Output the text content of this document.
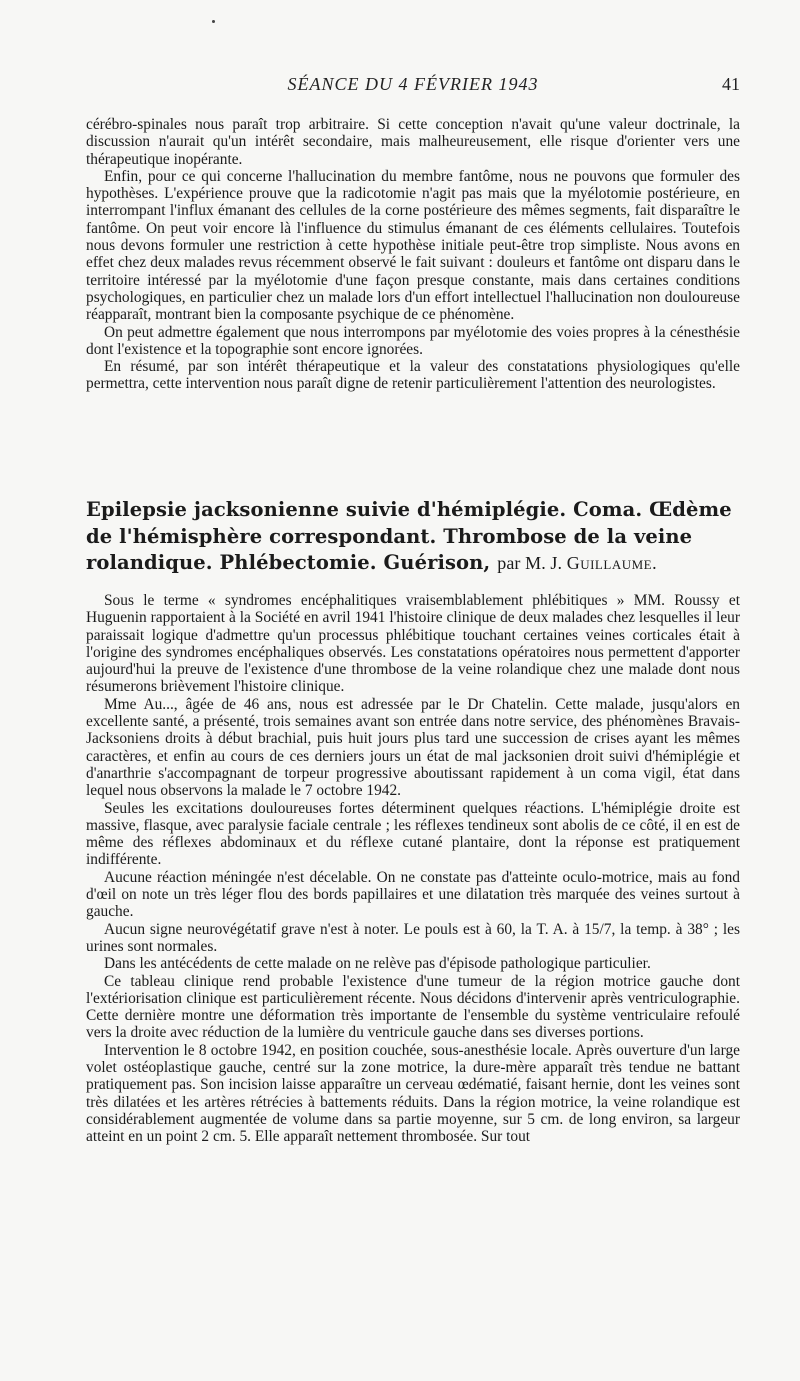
SÉANCE DU 4 FÉVRIER 1943	41

cérébro-spinales nous paraît trop arbitraire. Si cette conception n'avait qu'une valeur doctrinale, la discussion n'aurait qu'un intérêt secondaire, mais malheureusement, elle risque d'orienter vers une thérapeutique inopérante.

Enfin, pour ce qui concerne l'hallucination du membre fantôme, nous ne pouvons que formuler des hypothèses. L'expérience prouve que la radicotomie n'agit pas mais que la myélotomie postérieure, en interrompant l'influx émanant des cellules de la corne postérieure des mêmes segments, fait disparaître le fantôme. On peut voir encore là l'influence du stimulus émanant de ces éléments cellulaires. Toutefois nous devons formuler une restriction à cette hypothèse initiale peut-être trop simpliste. Nous avons en effet chez deux malades revus récemment observé le fait suivant : douleurs et fantôme ont disparu dans le territoire intéressé par la myélotomie d'une façon presque constante, mais dans certaines conditions psychologiques, en particulier chez un malade lors d'un effort intellectuel l'hallucination non douloureuse réapparaît, montrant bien la composante psychique de ce phénomène.

On peut admettre également que nous interrompons par myélotomie des voies propres à la cénesthésie dont l'existence et la topographie sont encore ignorées.

En résumé, par son intérêt thérapeutique et la valeur des constatations physiologiques qu'elle permettra, cette intervention nous paraît digne de retenir particulièrement l'attention des neurologistes.

Epilepsie jacksonienne suivie d'hémiplégie. Coma. Œdème de l'hémisphère correspondant. Thrombose de la veine rolandique. Phlébectomie. Guérison, par M. J. Guillaume.

Sous le terme « syndromes encéphalitiques vraisemblablement phlébitiques » MM. Roussy et Huguenin rapportaient à la Société en avril 1941 l'histoire clinique de deux malades chez lesquelles il leur paraissait logique d'admettre qu'un processus phlébitique touchant certaines veines corticales était à l'origine des syndromes encéphaliques observés. Les constatations opératoires nous permettent d'apporter aujourd'hui la preuve de l'existence d'une thrombose de la veine rolandique chez une malade dont nous résumerons brièvement l'histoire clinique.

Mme Au..., âgée de 46 ans, nous est adressée par le Dr Chatelin. Cette malade, jusqu'alors en excellente santé, a présenté, trois semaines avant son entrée dans notre service, des phénomènes Bravais-Jacksoniens droits à début brachial, puis huit jours plus tard une succession de crises ayant les mêmes caractères, et enfin au cours de ces derniers jours un état de mal jacksonien droit suivi d'hémiplégie et d'anarthrie s'accompagnant de torpeur progressive aboutissant rapidement à un coma vigil, état dans lequel nous observons la malade le 7 octobre 1942.

Seules les excitations douloureuses fortes déterminent quelques réactions. L'hémiplégie droite est massive, flasque, avec paralysie faciale centrale ; les réflexes tendineux sont abolis de ce côté, il en est de même des réflexes abdominaux et du réflexe cutané plantaire, dont la réponse est pratiquement indifférente.

Aucune réaction méningée n'est décelable. On ne constate pas d'atteinte oculo-motrice, mais au fond d'œil on note un très léger flou des bords papillaires et une dilatation très marquée des veines surtout à gauche.

Aucun signe neurovégétatif grave n'est à noter. Le pouls est à 60, la T. A. à 15/7, la temp. à 38° ; les urines sont normales.

Dans les antécédents de cette malade on ne relève pas d'épisode pathologique particulier.

Ce tableau clinique rend probable l'existence d'une tumeur de la région motrice gauche dont l'extériorisation clinique est particulièrement récente. Nous décidons d'intervenir après ventriculographie. Cette dernière montre une déformation très importante de l'ensemble du système ventriculaire refoulé vers la droite avec réduction de la lumière du ventricule gauche dans ses diverses portions.

Intervention le 8 octobre 1942, en position couchée, sous-anesthésie locale. Après ouverture d'un large volet ostéoplastique gauche, centré sur la zone motrice, la dure-mère apparaît très tendue ne battant pratiquement pas. Son incision laisse apparaître un cerveau œdématié, faisant hernie, dont les veines sont très dilatées et les artères rétrécies à battements réduits. Dans la région motrice, la veine rolandique est considérablement augmentée de volume dans sa partie moyenne, sur 5 cm. de long environ, sa largeur atteint en un point 2 cm. 5. Elle apparaît nettement thrombosée. Sur tout
